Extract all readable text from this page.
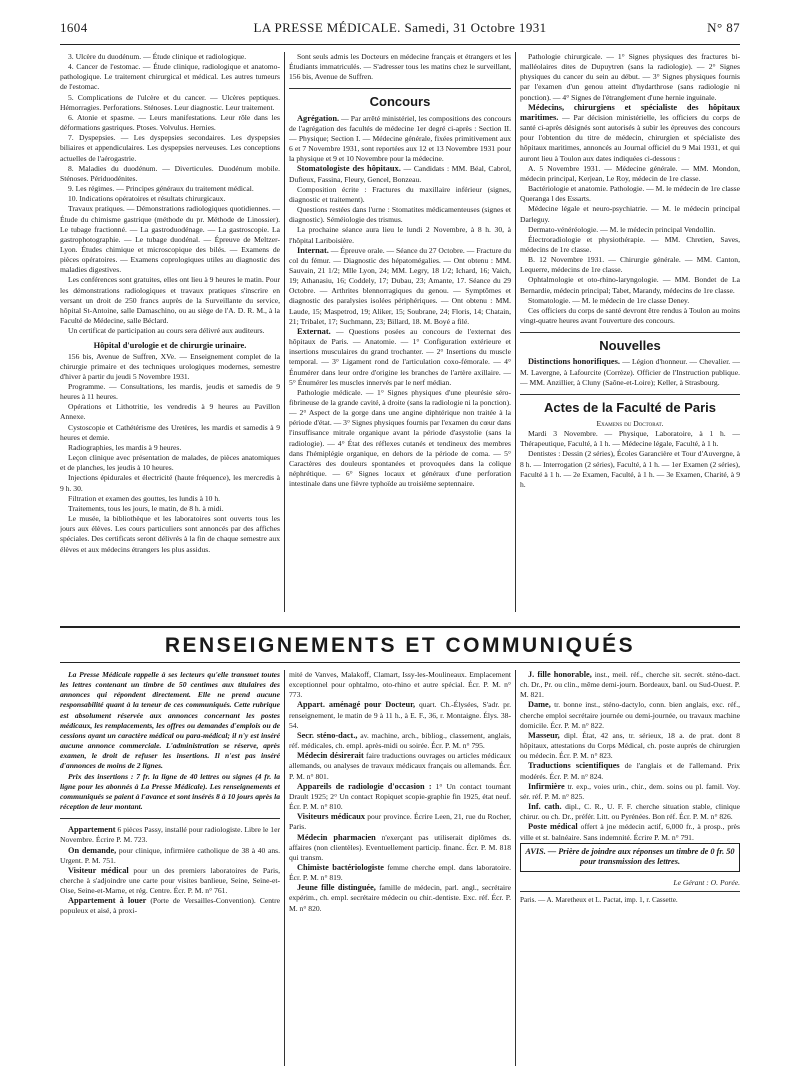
1604	LA PRESSE MÉDICALE. Samedi, 31 Octobre 1931	N° 87

3. Ulcère du duodénum. — Étude clinique et radiologique.

4. Cancer de l'estomac. — Étude clinique, radiologique et anatomo-pathologique. Le traitement chirurgical et médical. Les autres tumeurs de l'estomac.

5. Complications de l'ulcère et du cancer. — Ulcères peptiques. Hémorragies. Perforations. Sténoses. Leur diagnostic. Leur traitement.

6. Atonie et spasme. — Leurs manifestations. Leur rôle dans les déformations gastriques. Ptoses. Volvulus. Hernies.

7. Dyspepsies. — Les dyspepsies secondaires. Les dyspepsies biliaires et appendiculaires. Les dyspepsies nerveuses. Les conceptions actuelles de l'aérogastrie.

8. Maladies du duodénum. — Diverticules. Duodénum mobile. Sténoses. Périduodénites.

9. Les régimes. — Principes généraux du traitement médical.

10. Indications opératoires et résultats chirurgicaux.

Travaux pratiques. — Démonstrations radiologiques quotidiennes. — Étude du chimisme gastrique (méthode du pr. Méthode de Linossier). Le tubage fractionné. — La gastroduodénage. — La gastroscopie. La gastrophotographie. — Le tubage duodénal. — Épreuve de Meltzer-Lyon. Études chimique et microscopique des bilés. — Examens de pièces opératoires. — Examens coprologiques utiles au diagnostic des maladies digestives.

Les conférences sont gratuites, elles ont lieu à 9 heures le matin. Pour les démonstrations radiologiques et travaux pratiques s'inscrire en versant un droit de 250 francs auprès de la Surveillante du service, hôpital St-Antoine, salle Damaschino, ou au siège de l'A. D. R. M., à la Faculté de Médecine, salle Béclard.

Un certificat de participation au cours sera délivré aux auditeurs.

Hôpital d'urologie et de chirurgie urinaire.

156 bis, Avenue de Suffren, XVe. — Enseignement complet de la chirurgie primaire et des techniques urologiques modernes, semestre d'hiver à partir du jeudi 5 Novembre 1931.

Programme. — Consultations, les mardis, jeudis et samedis de 9 heures à 11 heures.

Opérations et Lithotritie, les vendredis à 9 heures au Pavillon Annexe.

Cystoscopie et Cathétérisme des Uretères, les mardis et samedis à 9 heures et demie.

Radiographies, les mardis à 9 heures.

Leçon clinique avec présentation de malades, de pièces anatomiques et de planches, les jeudis à 10 heures.

Injections épidurales et électricité (haute fréquence), les mercredis à 9 h. 30.

Filtration et examen des gouttes, les lundis à 10 h.

Traitements, tous les jours, le matin, de 8 h. à midi.

Le musée, la bibliothèque et les laboratoires sont ouverts tous les jours aux élèves. Les cours particuliers sont annoncés par des affiches spéciales. Des certificats seront délivrés à la fin de chaque semestre aux élèves et aux médecins étrangers les plus assidus.

Sont seuls admis les Docteurs en médecine français et étrangers et les Étudiants immatriculés. — S'adresser tous les matins chez le surveillant, 156 bis, Avenue de Suffren.

Concours

Agrégation. — Par arrêté ministériel, les compositions des concours de l'agrégation des facultés de médecine 1er degré ci-après : Section II. — Physique; Section I. — Médecine générale, fixées primitivement aux 6 et 7 Novembre 1931, sont reportées aux 12 et 13 Novembre 1931 pour la physique et 9 et 10 Novembre pour la médecine.

Stomatologiste des hôpitaux. — Candidats : MM. Béal, Cabrol, Dufieux, Fassina, Fleury, Gencel, Bonzeau.

Composition écrite : Fractures du maxillaire inférieur (signes, diagnostic et traitement).

Questions restées dans l'urne : Stomatites médicamenteuses (signes et diagnostic). Séméiologie des trismus.

La prochaine séance aura lieu le lundi 2 Novembre, à 8 h. 30, à l'hôpital Lariboisière.

Internat. — Épreuve orale. — Séance du 27 Octobre. — Fracture du col du fémur. — Diagnostic des hépatomégalies. — Ont obtenu : MM. Sauvain, 21 1/2; Mlle Lyon, 24; MM. Legry, 18 1/2; Ichard, 16; Vaich, 19; Athanasiu, 16; Coddely, 17; Dubau, 23; Amante, 17. Séance du 29 Octobre. — Arthrites blennorragiques du genou. — Symptômes et diagnostic des paralysies isolées périphériques. — Ont obtenu : MM. Laude, 15; Maspetrod, 19; Aliker, 15; Soubrane, 24; Floris, 14; Chatain, 21; Tribalet, 17; Suchmann, 23; Billard, 18. M. Boyé a filé.

Externat. — Questions posées au concours de l'externat des hôpitaux de Paris. — Anatomie. — 1° Configuration extérieure et insertions musculaires du grand trochanter. — 2° Insertions du muscle temporal. — 3° Ligament rond de l'articulation coxo-fémorale. — 4° Énumérer dans leur ordre d'origine les branches de l'artère axillaire. — 5° Énumérer les muscles innervés par le nerf médian.

Pathologie médicale. — 1° Signes physiques d'une pleurésie séro-fibrineuse de la grande cavité, à droite (sans la radiologie ni la ponction). — 2° Aspect de la gorge dans une angine diphtérique non traitée à la période d'état. — 3° Signes physiques fournis par l'examen du cœur dans l'insuffisance mitrale organique avant la période d'asystolie (sans la radiologie). — 4° État des réflexes cutanés et tendineux des membres dans l'hémiplégie organique, en dehors de la période de coma. — 5° Caractères des douleurs spontanées et provoquées dans la colique néphrétique. — 6° Signes locaux et généraux d'une perforation intestinale dans une fièvre typhoïde au troisième septennaire.

Pathologie chirurgicale. — 1° Signes physiques des fractures bi-malléolaires dites de Dupuytren (sans la radiologie). — 2° Signes physiques du cancer du sein au début. — 3° Signes physiques fournis par l'examen d'un genou atteint d'hydarthrose (sans radiologie ni ponction). — 4° Signes de l'étranglement d'une hernie inguinale.

Médecins, chirurgiens et spécialiste des hôpitaux maritimes. — Par décision ministérielle, les officiers du corps de santé ci-après désignés sont autorisés à subir les épreuves des concours pour l'obtention du titre de médecin, chirurgien et spécialiste des hôpitaux maritimes, annoncés au Journal officiel du 9 Mai 1931, et qui auront lieu à Toulon aux dates indiquées ci-dessous :

A. 5 Novembre 1931. — Médecine générale. — MM. Mondon, médecin principal, Kerjean, Le Roy, médecin de 1re classe.

Bactériologie et anatomie. Pathologie. — M. le médecin de 1re classe Queranga l des Essarts.

Médecine légale et neuro-psychiatrie. — M. le médecin principal Darleguy.

Dermato-vénéréologie. — M. le médecin principal Vendollin.

Électroradiologie et physiothérapie. — MM. Chretien, Saves, médecins de 1re classe.

B. 12 Novembre 1931. — Chirurgie générale. — MM. Canton, Lequerre, médecins de 1re classe.

Ophtalmologie et oto-rhino-laryngologie. — MM. Bondet de La Bernardie, médecin principal; Tabet, Marandy, médecins de 1re classe.

Stomatologie. — M. le médecin de 1re classe Deney.

Ces officiers du corps de santé devront être rendus à Toulon au moins vingt-quatre heures avant l'ouverture des concours.

Nouvelles

Distinctions honorifiques. — Légion d'honneur. — Chevalier. — M. Lavergne, à Lafourcite (Corrèze). Officier de l'Instruction publique. — MM. Anzillier, à Cluny (Saône-et-Loire); Keller, à Strasbourg.

Actes de la Faculté de Paris

Examens du Doctorat.

Mardi 3 Novembre. — Physique, Laboratoire, à 1 h. — Thérapeutique, Faculté, à 1 h. — Médecine légale, Faculté, à 1 h.

Dentistes : Dessin (2 séries), Écoles Garancière et Tour d'Auvergne, à 8 h. — Interrogation (2 séries), Faculté, à 1 h. — 1er Examen (2 séries), Faculté à 1 h. — 2e Examen, Faculté, à 1 h. — 3e Examen, Charité, à 9 h.

RENSEIGNEMENTS ET COMMUNIQUÉS

La Presse Médicale rappelle à ses lecteurs qu'elle transmet toutes les lettres contenant un timbre de 50 centimes aux titulaires des annonces qui répondent directement. Elle ne prend aucune responsabilité quant à la teneur de ces communiqués. Cette rubrique est absolument réservée aux annonces concernant les postes médicaux, les remplacements, les offres ou demandes d'emplois ou de cessions ayant un caractère médical ou para-médical; il n'y est inséré aucune annonce commerciale. L'administration se réserve, après examen, le droit de refuser les insertions. Il n'est pas inséré d'annonces de moins de 2 lignes.

Prix des insertions : 7 fr. la ligne de 40 lettres ou signes (4 fr. la ligne pour les abonnés à La Presse Médicale). Les renseignements et communiqués se paient à l'avance et sont insérés 8 à 10 jours après la réception de leur montant.

Appartement 6 pièces Passy, installé pour radiologiste. Libre le 1er Novembre. Écrire P. M. 723.

On demande, pour clinique, infirmière catholique de 38 à 40 ans. Urgent. P. M. 751.

Visiteur médical pour un des premiers laboratoires de Paris, cherche à s'adjoindre une carte pour visites banlieue, Seine, Seine-et-Oise, Seine-et-Marne, et rég. Centre. Écr. P. M. n° 761.

Appartement à louer (Porte de Versailles-Convention). Centre populeux et aisé, à proxi-

mité de Vanves, Malakoff, Clamart, Issy-les-Moulineaux. Emplacement exceptionnel pour ophtalmo, oto-rhino et autre spécial. Écr. P. M. n° 773.

Appart. aménagé pour Docteur, quart. Ch.-Élysées, S'adr. pr. renseignement, le matin de 9 à 11 h., à E. F., 36, r. Montaigne. Élys. 38-54.

Secr. sténo-dact., av. machine, arch., bibliog., classement, anglais, réf. médicales, ch. empl. après-midi ou soirée. Écr. P. M. n° 795.

Médecin désirerait faire traductions ouvrages ou articles médicaux allemands, ou analyses de travaux médicaux français ou allemands. Écr. P. M. n° 801.

Appareils de radiologie d'occasion : 1° Un contact tournant Drault 1925; 2° Un contact Ropiquet scopie-graphie fin 1925, état neuf. Écr. P. M. n° 810.

Visiteurs médicaux pour province. Écrire Leen, 21, rue du Rocher, Paris.

Médecin pharmacien n'exerçant pas utiliserait diplômes ds. affaires (non clientèles). Eventuellement particip. financ. Écr. P. M. 818 qui transm.

Chimiste bactériologiste femme cherche empl. dans laboratoire. Écr. P. M. n° 819.

Jeune fille distinguée, famille de médecin, parl. angl., secrétaire expérim., ch. empl. secrétaire médecin ou chir.-dentiste. Exc. réf. Écr. P. M. n° 820.

J. fille honorable, inst., meil. réf., cherche sit. secrét. sténo-dact. ch. Dr., Pr. ou clin., même demi-journ. Bordeaux, banl. ou Sud-Ouest. P. M. 821.

Dame, tr. bonne inst., sténo-dactylo, conn. bien anglais, exc. réf., cherche emploi secrétaire journée ou demi-journée, ou travaux machine domicile. Écr. P. M. n° 822.

Masseur, dipl. État, 42 ans, tr. sérieux, 18 a. de prat. dont 8 hôpitaux, attestations du Corps Médical, ch. poste auprès de chirurgien ou médecin. Écr. P. M. n° 823.

Traductions scientifiques de l'anglais et de l'allemand. Prix modérés. Écr. P. M. n° 824.

Infirmière tr. exp., voies urin., chir., dem. soins ou pl. famil. Voy. sér. réf. P. M. n° 825.

Inf. cath. dipl., C. R., U. F. F. cherche situation stable, clinique chirur. ou ch. Dr., préfér. Litt. ou Pyrénées. Bon réf. Écr. P. M. n° 826.

Poste médical offert à jne médecin actif, 6,000 fr., à prosp., près ville et st. balnéaire. Sans indemnité. Écrire P. M. n° 791.

AVIS. — Prière de joindre aux réponses un timbre de 0 fr. 50 pour transmission des lettres.

Le Gérant : O. Porée.

Paris. — A. Maretheux et L. Pactat, imp. 1, r. Cassette.
